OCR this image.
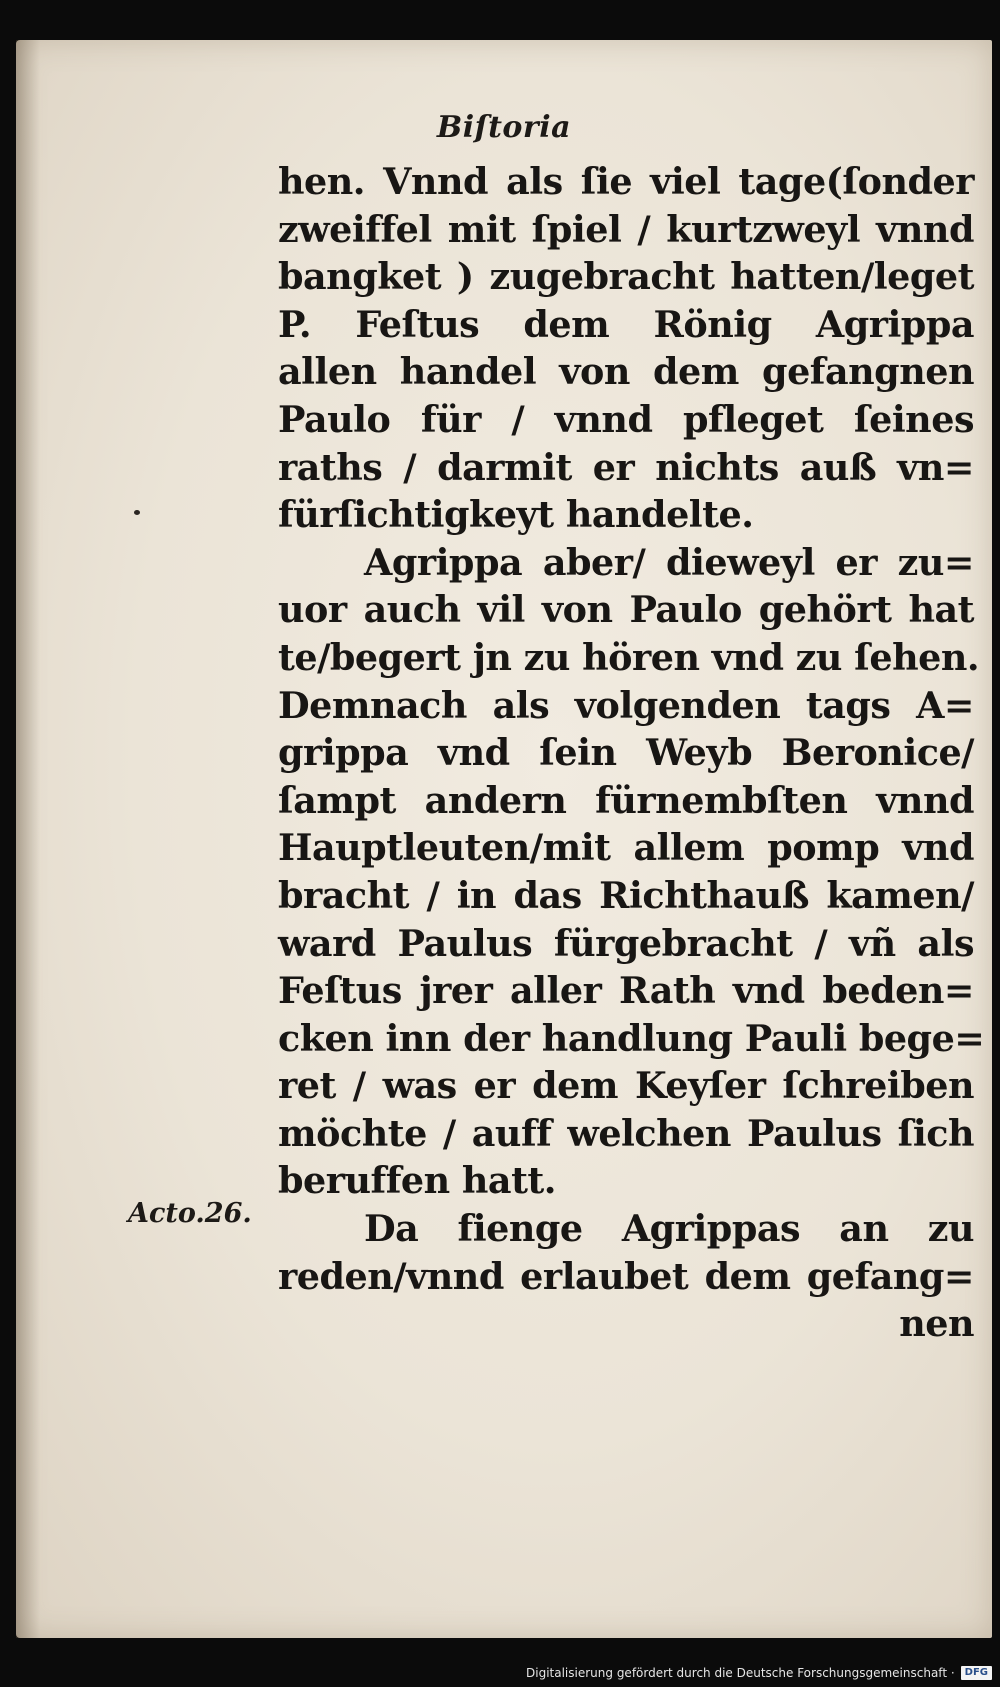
Biſtoria
Acto.26.
hen. Vnnd als ſie viel tage(ſonder
zweiffel mit ſpiel / kurtzweyl vnnd
bangket ) zugebracht hatten/leget
P. Feſtus dem Rönig Agrippa
allen handel von dem gefangnen
Paulo für / vnnd pfleget ſeines
raths / darmit er nichts auß vn=
fürſichtigkeyt handelte.
Agrippa aber/ dieweyl er zu=
uor auch vil von Paulo gehört hat
te/begert jn zu hören vnd zu ſehen.
Demnach als volgenden tags A=
grippa vnd ſein Weyb Beronice/
ſampt andern fürnembſten vnnd
Hauptleuten/mit allem pomp vnd
bracht / in das Richthauß kamen/
ward Paulus fürgebracht / vñ als
Feſtus jrer aller Rath vnd beden=
cken inn der handlung Pauli bege=
ret / was er dem Keyſer ſchreiben
möchte / auff welchen Paulus ſich
beruffen hatt.
Da fienge Agrippas an zu
reden/vnnd erlaubet dem gefang=
nen
Digitalisierung gefördert durch die Deutsche Forschungsgemeinschaft ·	DFG
